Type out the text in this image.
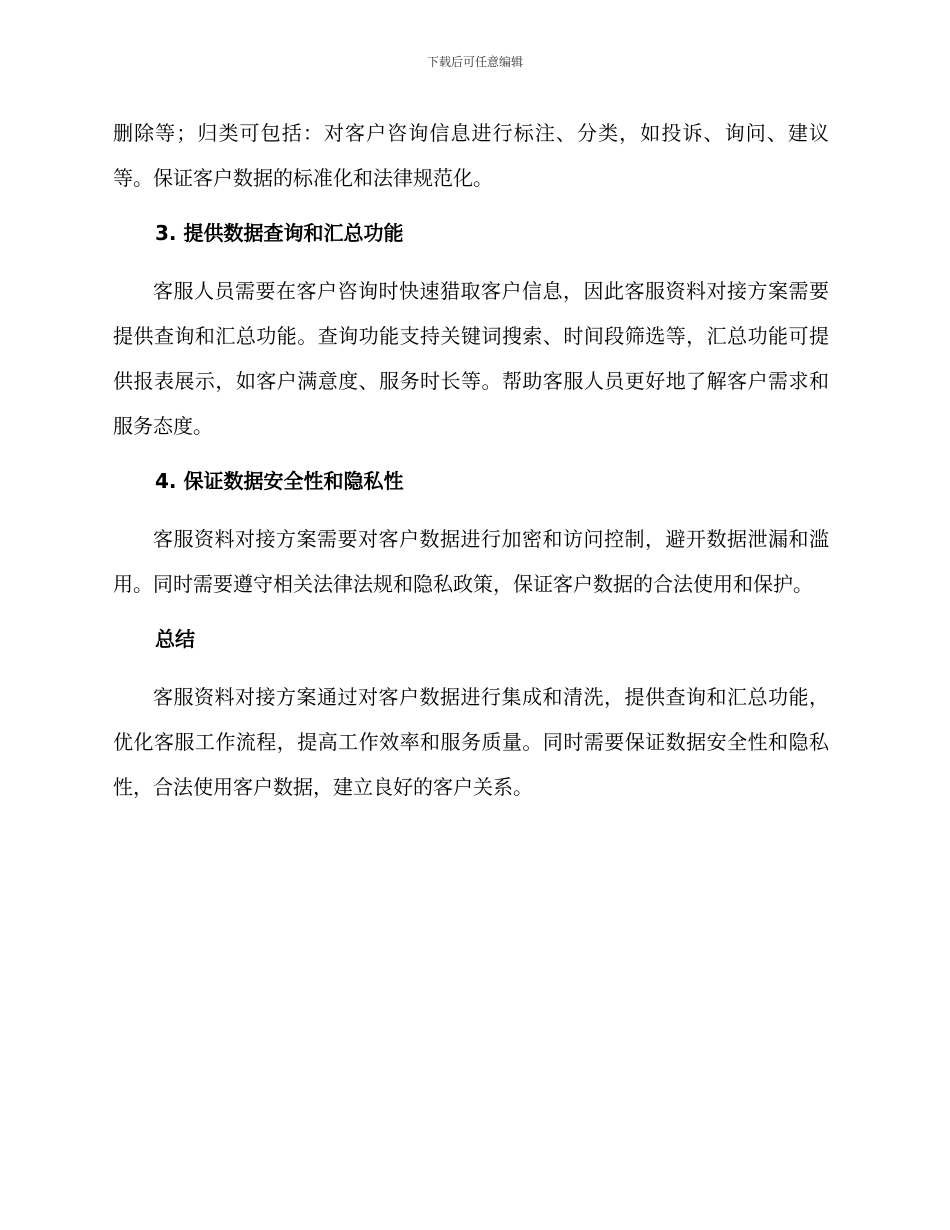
下载后可任意编辑

删除等；归类可包括：对客户咨询信息进行标注、分类，如投诉、询问、建议等。保证客户数据的标准化和法律规范化。

3. 提供数据查询和汇总功能

客服人员需要在客户咨询时快速猎取客户信息，因此客服资料对接方案需要提供查询和汇总功能。查询功能支持关键词搜索、时间段筛选等，汇总功能可提供报表展示，如客户满意度、服务时长等。帮助客服人员更好地了解客户需求和服务态度。

4. 保证数据安全性和隐私性

客服资料对接方案需要对客户数据进行加密和访问控制，避开数据泄漏和滥用。同时需要遵守相关法律法规和隐私政策，保证客户数据的合法使用和保护。

总结

客服资料对接方案通过对客户数据进行集成和清洗，提供查询和汇总功能，优化客服工作流程，提高工作效率和服务质量。同时需要保证数据安全性和隐私性，合法使用客户数据，建立良好的客户关系。
